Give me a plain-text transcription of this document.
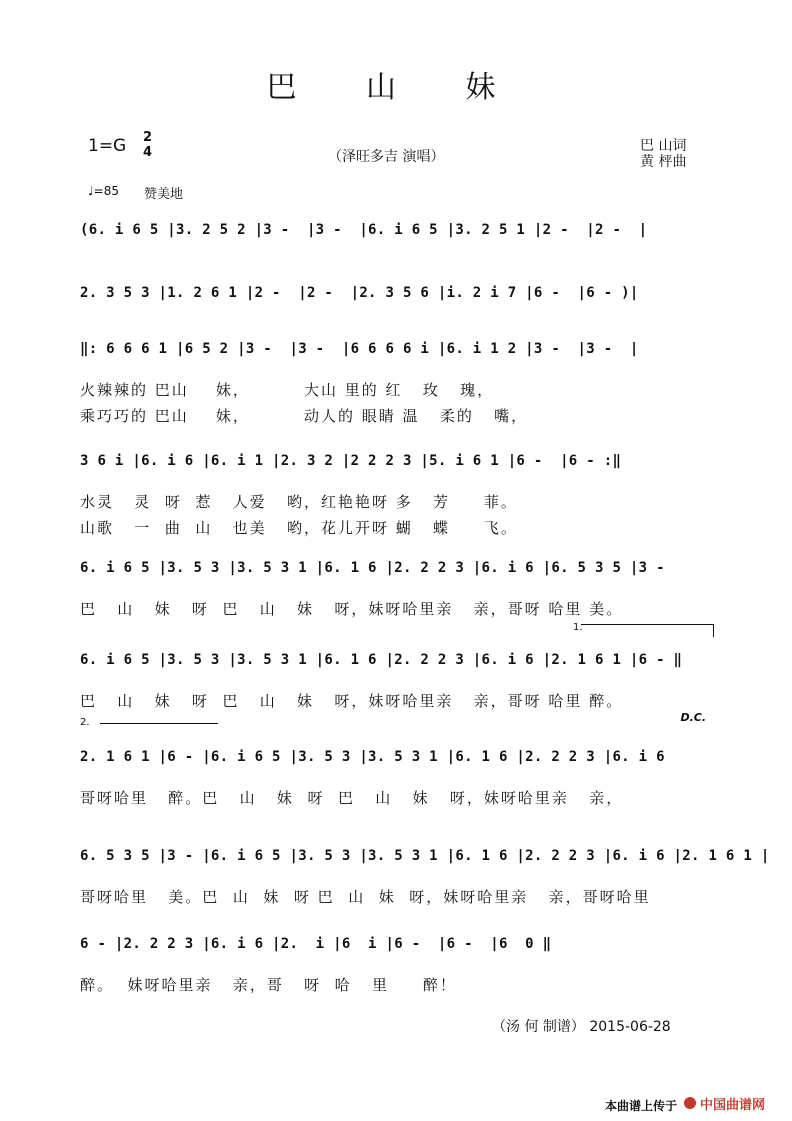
巴 山 妹
1=G 2
4	（泽旺多吉 演唱）
巴 山词
黄 枰曲
♩=85 赞美地
(6. i 6 5 |3. 2 5 2 |3 -  |3 -  |6. i 6 5 |3. 2 5 1 |2 -  |2 -  |
2. 3 5 3 |1. 2 6 1 |2 -  |2 -  |2. 3 5 6 |i. 2 i 7 |6 -  |6 - )|
‖: 6 6 6 1 |6 5 2 |3 -  |3 -  |6 6 6 6 i |6. i 1 2 |3 -  |3 -  |
火辣辣的 巴山    妹，        大山 里的 红   玫   瑰，
乘巧巧的 巴山    妹，        动人的 眼睛 温   柔的   嘴，
3 6 i |6. i 6 |6. i 1 |2. 3 2 |2 2 2 3 |5. i 6 1 |6 -  |6 - :‖
水灵   灵  呀  惹   人爱   哟，红艳艳呀 多   芳     菲。
山歌   一  曲  山   也美   哟，花儿开呀 蝴   蝶     飞。
6. i 6 5 |3. 5 3 |3. 5 3 1 |6. 1 6 |2. 2 2 3 |6. i 6 |6. 5 3 5 |3 -
巴   山   妹   呀  巴   山   妹   呀，妹呀哈里亲   亲，哥呀 哈里 美。
6. i 6 5 |3. 5 3 |3. 5 3 1 |6. 1 6 |2. 2 2 3 |6. i 6 |2. 1 6 1 |6 - ‖
巴   山   妹   呀  巴   山   妹   呀，妹呀哈里亲   亲，哥呀 哈里 醉。
2. 1 6 1 |6 - |6. i 6 5 |3. 5 3 |3. 5 3 1 |6. 1 6 |2. 2 2 3 |6. i 6
哥呀哈里   醉。巴   山   妹  呀  巴   山   妹   呀，妹呀哈里亲   亲，
6. 5 3 5 |3 - |6. i 6 5 |3. 5 3 |3. 5 3 1 |6. 1 6 |2. 2 2 3 |6. i 6 |2. 1 6 1 |
哥呀哈里   美。巴  山  妹  呀 巴  山  妹  呀，妹呀哈里亲   亲，哥呀哈里
6 - |2. 2 2 3 |6. i 6 |2.  i |6  i |6 -  |6 -  |6  0 ‖
醉。  妹呀哈里亲   亲，哥   呀  哈   里     醉！
1.
D.C.
2.
（汤 何 制谱） 2015-06-28
本曲谱上传于 中国曲谱网
